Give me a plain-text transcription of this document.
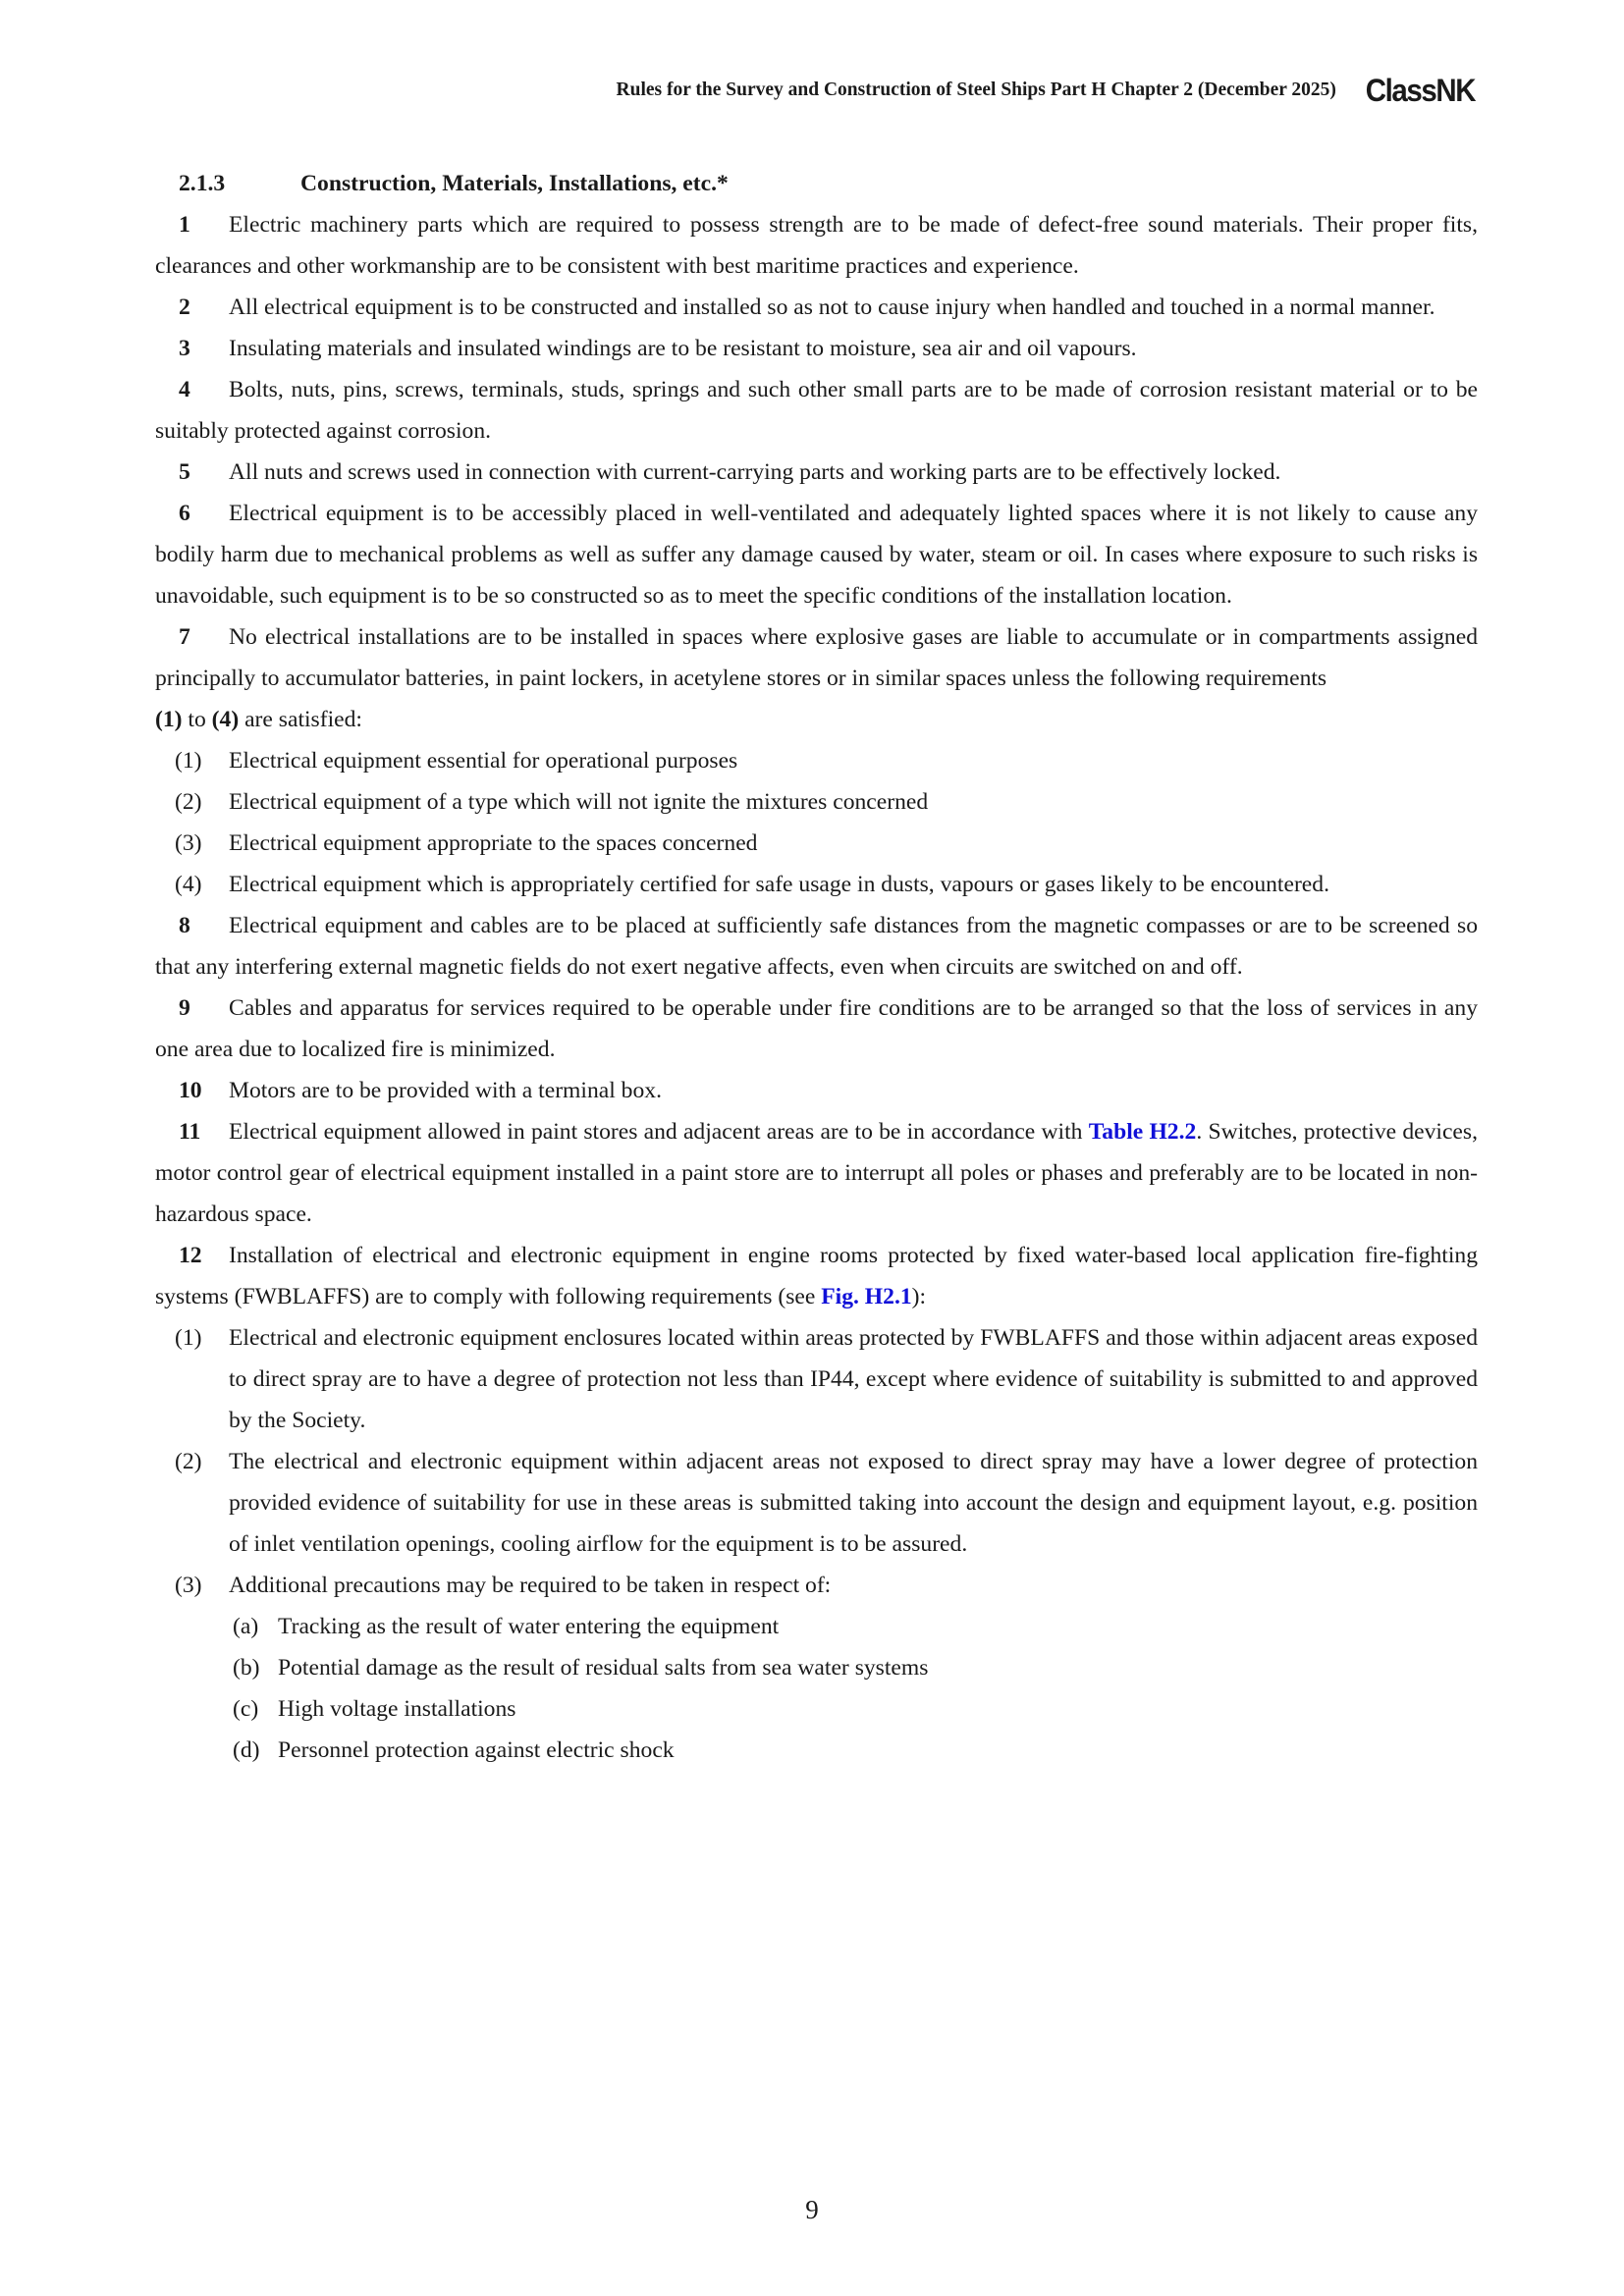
Rules for the Survey and Construction of Steel Ships Part H Chapter 2 (December 2025) ClassNK

2.1.3	Construction, Materials, Installations, etc.*

1 Electric machinery parts which are required to possess strength are to be made of defect-free sound materials. Their proper fits, clearances and other workmanship are to be consistent with best maritime practices and experience.

2 All electrical equipment is to be constructed and installed so as not to cause injury when handled and touched in a normal manner.

3 Insulating materials and insulated windings are to be resistant to moisture, sea air and oil vapours.

4 Bolts, nuts, pins, screws, terminals, studs, springs and such other small parts are to be made of corrosion resistant material or to be suitably protected against corrosion.

5 All nuts and screws used in connection with current-carrying parts and working parts are to be effectively locked.

6 Electrical equipment is to be accessibly placed in well-ventilated and adequately lighted spaces where it is not likely to cause any bodily harm due to mechanical problems as well as suffer any damage caused by water, steam or oil. In cases where exposure to such risks is unavoidable, such equipment is to be so constructed so as to meet the specific conditions of the installation location.

7 No electrical installations are to be installed in spaces where explosive gases are liable to accumulate or in compartments assigned principally to accumulator batteries, in paint lockers, in acetylene stores or in similar spaces unless the following requirements
(1) to (4) are satisfied:

(1)	Electrical equipment essential for operational purposes
(2)	Electrical equipment of a type which will not ignite the mixtures concerned
(3)	Electrical equipment appropriate to the spaces concerned
(4)	Electrical equipment which is appropriately certified for safe usage in dusts, vapours or gases likely to be encountered.

8 Electrical equipment and cables are to be placed at sufficiently safe distances from the magnetic compasses or are to be screened so that any interfering external magnetic fields do not exert negative affects, even when circuits are switched on and off.

9 Cables and apparatus for services required to be operable under fire conditions are to be arranged so that the loss of services in any one area due to localized fire is minimized.

10 Motors are to be provided with a terminal box.

11 Electrical equipment allowed in paint stores and adjacent areas are to be in accordance with Table H2.2. Switches, protective devices, motor control gear of electrical equipment installed in a paint store are to interrupt all poles or phases and preferably are to be located in non-hazardous space.

12 Installation of electrical and electronic equipment in engine rooms protected by fixed water-based local application fire-fighting systems (FWBLAFFS) are to comply with following requirements (see Fig. H2.1):

(1)	Electrical and electronic equipment enclosures located within areas protected by FWBLAFFS and those within adjacent areas exposed to direct spray are to have a degree of protection not less than IP44, except where evidence of suitability is submitted to and approved by the Society.
(2)	The electrical and electronic equipment within adjacent areas not exposed to direct spray may have a lower degree of protection provided evidence of suitability for use in these areas is submitted taking into account the design and equipment layout, e.g. position of inlet ventilation openings, cooling airflow for the equipment is to be assured.
(3)	Additional precautions may be required to be taken in respect of:
(a) Tracking as the result of water entering the equipment
(b) Potential damage as the result of residual salts from sea water systems
(c) High voltage installations
(d) Personnel protection against electric shock
9
